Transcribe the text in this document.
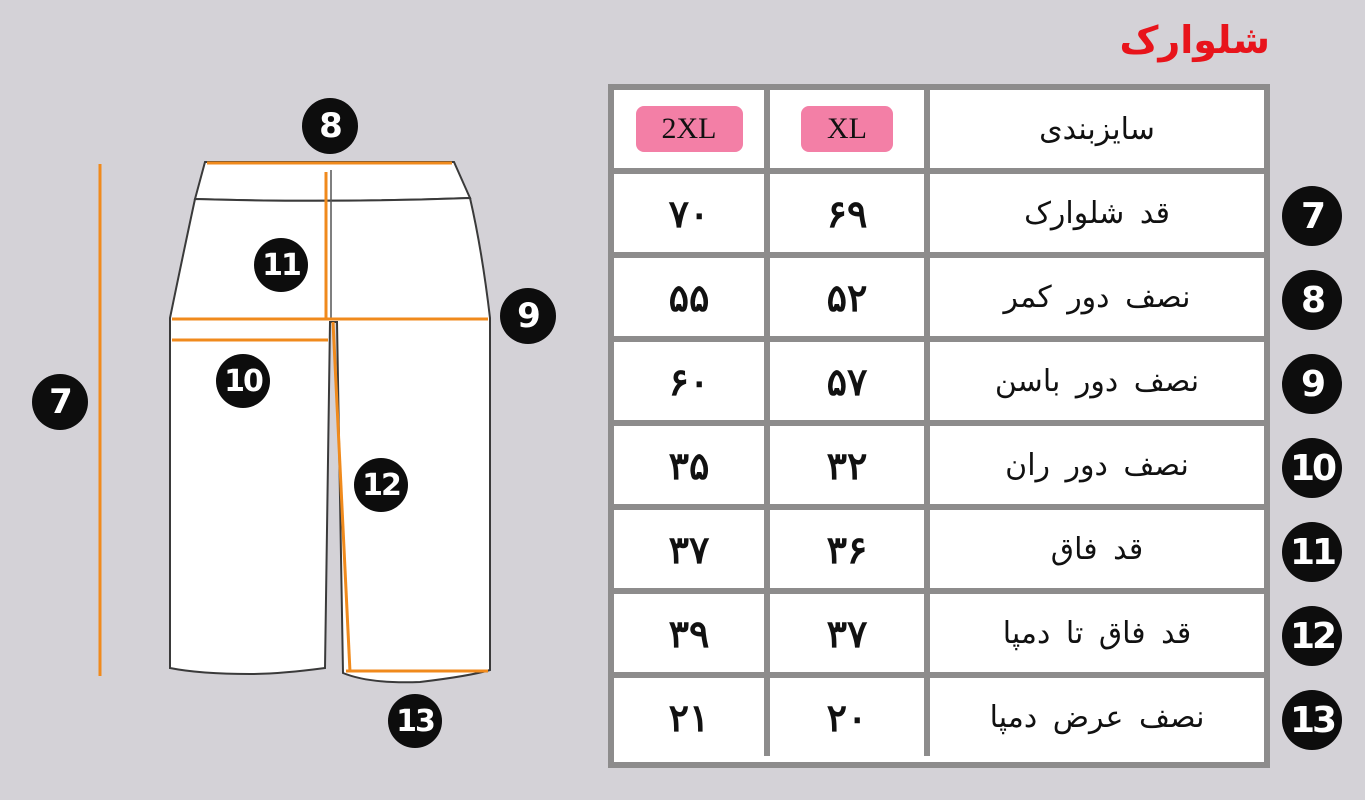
شلوارک
7
8
9
10
11
12
13
2XL	XL	سایزبندی
۷۰	۶۹	قد شلوارک
۵۵	۵۲	نصف دور کمر
۶۰	۵۷	نصف دور باسن
۳۵	۳۲	نصف دور ران
۳۷	۳۶	قد فاق
۳۹	۳۷	قد فاق تا دمپا
۲۱	۲۰	نصف عرض دمپا
7
8
9
10
11
12
13
